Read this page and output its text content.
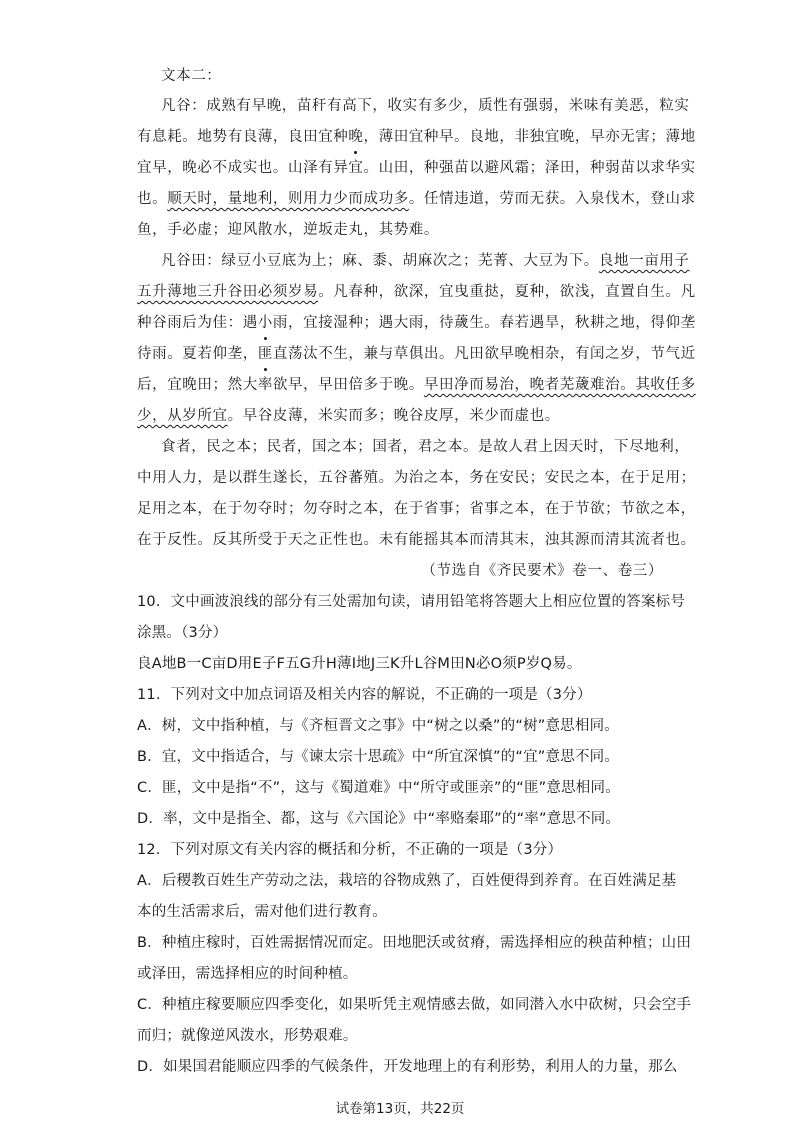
文本二：
凡谷：成熟有早晚，苗秆有高下，收实有多少，质性有强弱，米味有美恶，粒实
有息耗。地势有良薄，良田宜种晚，薄田宜种早。良地，非独宜晚，早亦无害；薄地
宜早，晚必不成实也。山泽有异宜。山田，种强苗以避风霜；泽田，种弱苗以求华实
也。顺天时，量地利，则用力少而成功多。任情违道，劳而无获。入泉伐木，登山求
鱼，手必虚；迎风散水，逆坂走丸，其势难。
凡谷田：绿豆小豆底为上；麻、黍、胡麻次之；芜菁、大豆为下。良地一亩用子
五升薄地三升谷田必须岁易。凡春种，欲深，宜曳重挞，夏种，欲浅，直置自生。凡
种谷雨后为佳：遇小雨，宜接湿种；遇大雨，待薉生。春若遇旱，秋耕之地，得仰垄
待雨。夏若仰垄，匪直荡汰不生，兼与草俱出。凡田欲早晚相杂，有闰之岁，节气近
后，宜晚田；然大率欲早，早田倍多于晚。早田净而易治，晚者芜薉难治。其收任多
少，从岁所宜。早谷皮薄，米实而多；晚谷皮厚，米少而虚也。
食者，民之本；民者，国之本；国者，君之本。是故人君上因天时，下尽地利，
中用人力，是以群生遂长，五谷蕃殖。为治之本，务在安民；安民之本，在于足用；
足用之本，在于勿夺时；勿夺时之本，在于省事；省事之本，在于节欲；节欲之本，
在于反性。反其所受于天之正性也。未有能摇其本而清其末，浊其源而清其流者也。
（节选自《齐民要术》卷一、卷三）
10．文中画波浪线的部分有三处需加句读，请用铅笔将答题大上相应位置的答案标号
涂黑。（3分）
良A地B一C亩D用E子F五G升H薄I地J三K升L谷M田N必O须P岁Q易。
11．下列对文中加点词语及相关内容的解说，不正确的一项是（3分）
A．树，文中指种植，与《齐桓晋文之事》中“树之以桑”的“树”意思相同。
B．宜，文中指适合，与《谏太宗十思疏》中“所宜深慎”的“宜”意思不同。
C．匪，文中是指“不”，这与《蜀道难》中“所守或匪亲”的“匪”意思相同。
D．率，文中是指全、都，这与《六国论》中“率赂秦耶”的“率”意思不同。
12．下列对原文有关内容的概括和分析，不正确的一项是（3分）
A．后稷教百姓生产劳动之法，栽培的谷物成熟了，百姓便得到养育。在百姓满足基
本的生活需求后，需对他们进行教育。
B．种植庄稼时，百姓需据情况而定。田地肥沃或贫瘠，需选择相应的秧苗种植；山田
或泽田，需选择相应的时间种植。
C．种植庄稼要顺应四季变化，如果听凭主观情感去做，如同潜入水中砍树，只会空手
而归；就像逆风泼水，形势艰难。
D．如果国君能顺应四季的气候条件，开发地理上的有利形势，利用人的力量，那么
试卷第13页，共22页
